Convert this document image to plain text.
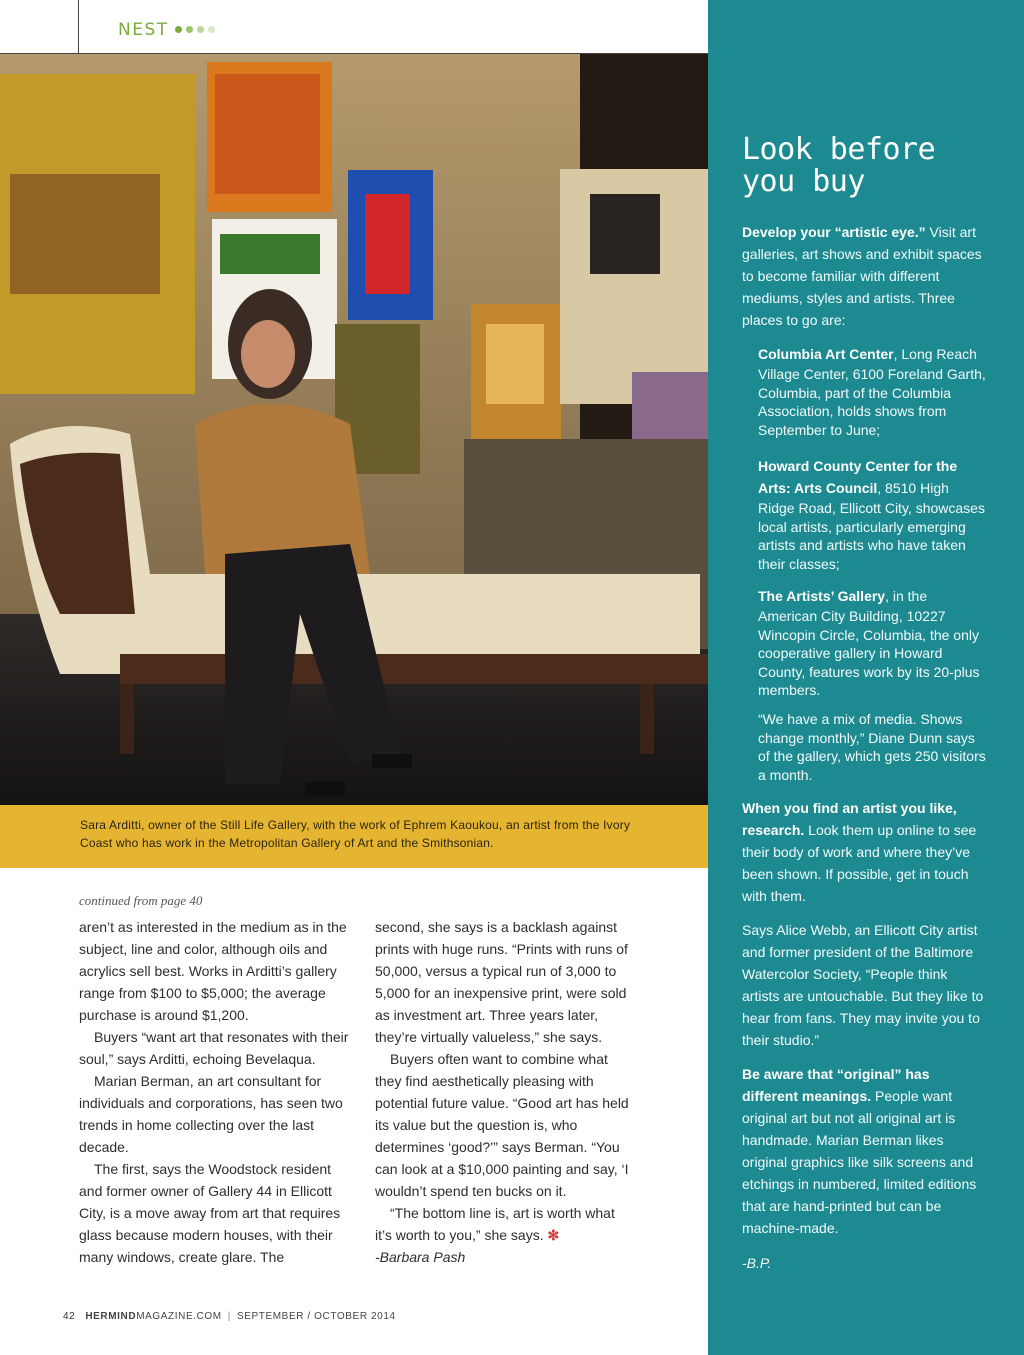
NEST
Sara Arditti, owner of the Still Life Gallery, with the work of Ephrem Kaoukou, an artist from the Ivory Coast who has work in the Metropolitan Gallery of Art and the Smithsonian.
continued from page 40

aren’t as interested in the medium as in the subject, line and color, although oils and acrylics sell best. Works in Arditti’s gallery range from $100 to $5,000; the average purchase is around $1,200.

Buyers “want art that resonates with their soul,” says Arditti, echoing Bevelaqua.

Marian Berman, an art consultant for individuals and corporations, has seen two trends in home collecting over the last decade.

The first, says the Woodstock resident and former owner of Gallery 44 in Ellicott City, is a move away from art that requires glass because modern houses, with their many windows, create glare. The

second, she says is a backlash against prints with huge runs. “Prints with runs of 50,000, versus a typical run of 3,000 to 5,000 for an inexpensive print, were sold as investment art. Three years later, they’re virtually valueless,” she says.

Buyers often want to combine what they find aesthetically pleasing with potential future value. “Good art has held its value but the question is, who determines ‘good?’” says Berman. “You can look at a $10,000 painting and say, ‘I wouldn’t spend ten bucks on it.

“The bottom line is, art is worth what it’s worth to you,” she says. ✻

-Barbara Pash

42 HERMINDMAGAZINE.COM | SEPTEMBER / OCTOBER 2014
Look before
you buy

Develop your “artistic eye.” Visit art galleries, art shows and exhibit spaces to become familiar with different mediums, styles and artists. Three places to go are:

Columbia Art Center, Long Reach Village Center, 6100 Foreland Garth, Columbia, part of the Columbia Association, holds shows from September to June;

Howard County Center for the Arts: Arts Council, 8510 High Ridge Road, Ellicott City, showcases local artists, particularly emerging artists and artists who have taken their classes;

The Artists’ Gallery, in the American City Building, 10227 Wincopin Circle, Columbia, the only cooperative gallery in Howard County, features work by its 20-plus members.

“We have a mix of media. Shows change monthly,” Diane Dunn says of the gallery, which gets 250 visitors a month.

When you find an artist you like, research. Look them up online to see their body of work and where they’ve been shown. If possible, get in touch with them.

Says Alice Webb, an Ellicott City artist and former president of the Baltimore Watercolor Society, “People think artists are untouchable. But they like to hear from fans. They may invite you to their studio.”

Be aware that “original” has different meanings. People want original art but not all original art is handmade. Marian Berman likes original graphics like silk screens and etchings in numbered, limited editions that are hand-printed but can be machine-made.

-B.P.
